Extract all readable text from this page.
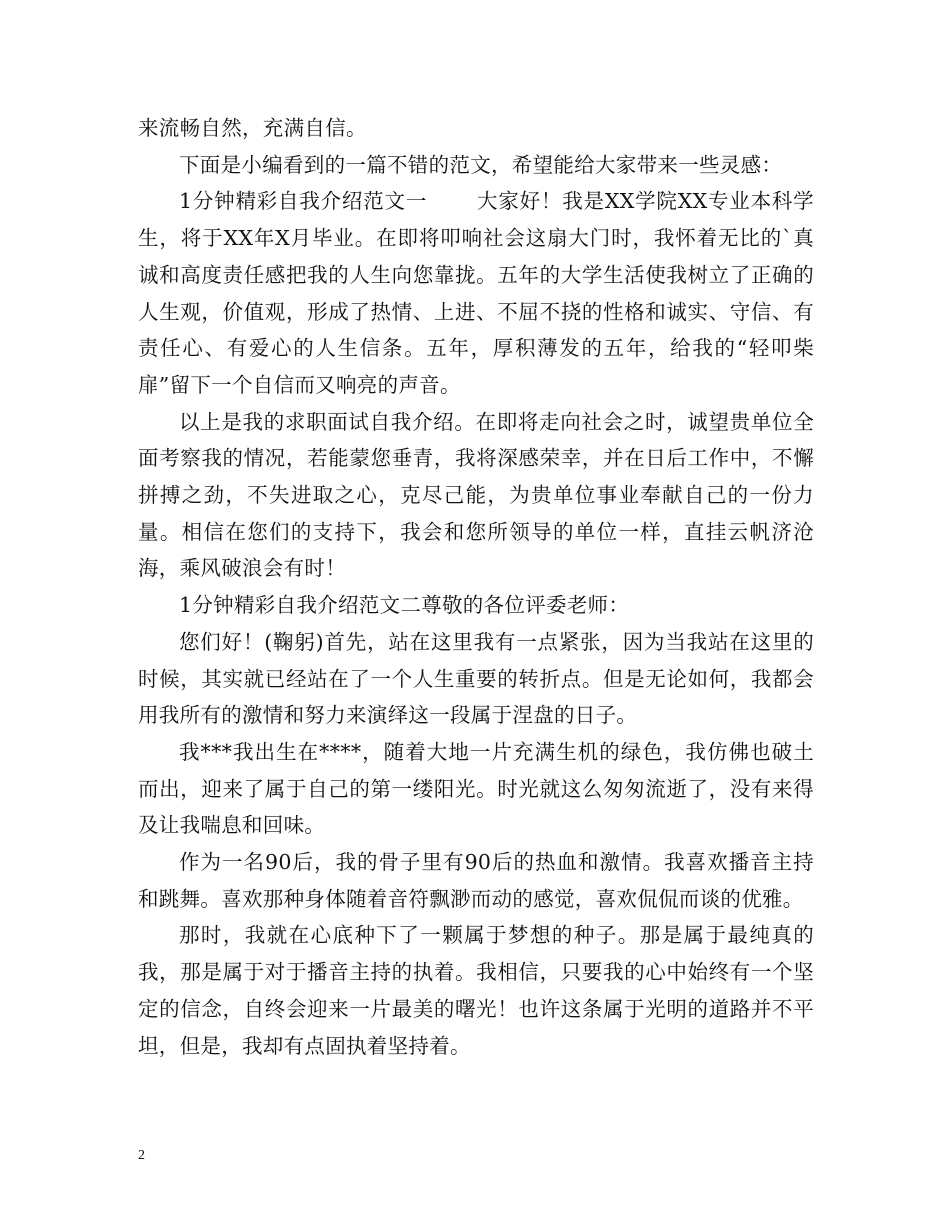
来流畅自然，充满自信。

下面是小编看到的一篇不错的范文，希望能给大家带来一些灵感：

1分钟精彩自我介绍范文一　　 大家好！我是XX学院XX专业本科学生，将于XX年X月毕业。在即将叩响社会这扇大门时，我怀着无比的`真诚和高度责任感把我的人生向您靠拢。五年的大学生活使我树立了正确的人生观，价值观，形成了热情、上进、不屈不挠的性格和诚实、守信、有责任心、有爱心的人生信条。五年，厚积薄发的五年，给我的“轻叩柴扉”留下一个自信而又响亮的声音。

以上是我的求职面试自我介绍。在即将走向社会之时，诚望贵单位全面考察我的情况，若能蒙您垂青，我将深感荣幸，并在日后工作中，不懈拼搏之劲，不失进取之心，克尽己能，为贵单位事业奉献自己的一份力量。相信在您们的支持下，我会和您所领导的单位一样，直挂云帆济沧海，乘风破浪会有时！

1分钟精彩自我介绍范文二尊敬的各位评委老师：

您们好！(鞠躬)首先，站在这里我有一点紧张，因为当我站在这里的时候，其实就已经站在了一个人生重要的转折点。但是无论如何，我都会用我所有的激情和努力来演绎这一段属于涅盘的日子。

我***我出生在****，随着大地一片充满生机的绿色，我仿佛也破土而出，迎来了属于自己的第一缕阳光。时光就这么匆匆流逝了，没有来得及让我喘息和回味。

作为一名90后，我的骨子里有90后的热血和激情。我喜欢播音主持和跳舞。喜欢那种身体随着音符飘渺而动的感觉，喜欢侃侃而谈的优雅。

那时，我就在心底种下了一颗属于梦想的种子。那是属于最纯真的我，那是属于对于播音主持的执着。我相信，只要我的心中始终有一个坚定的信念，自终会迎来一片最美的曙光！也许这条属于光明的道路并不平坦，但是，我却有点固执着坚持着。

2
